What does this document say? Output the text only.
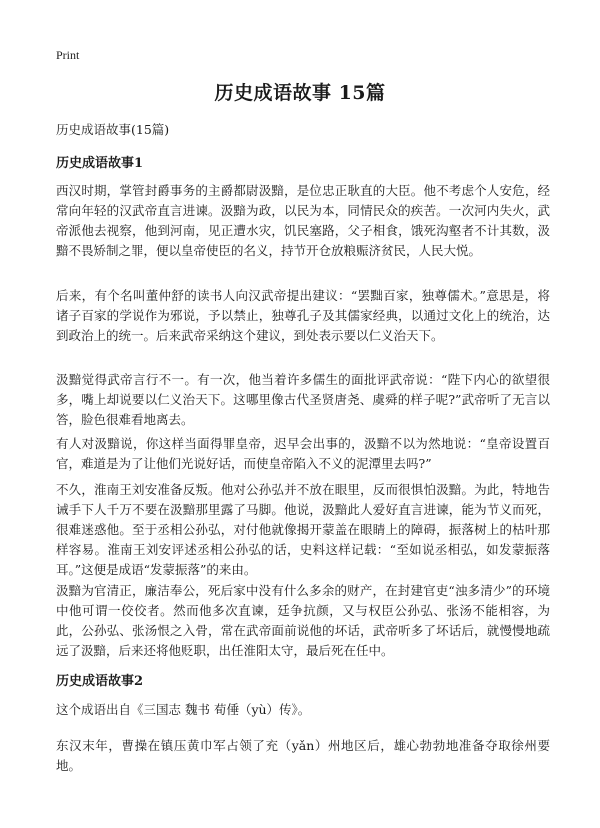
Print
历史成语故事 15篇
历史成语故事(15篇)
历史成语故事1

西汉时期，掌管封爵事务的主爵都尉汲黯，是位忠正耿直的大臣。他不考虑个人安危，经常向年轻的汉武帝直言进谏。汲黯为政，以民为本，同情民众的疾苦。一次河内失火，武帝派他去视察，他到河南，见正遭水灾，饥民塞路，父子相食，饿死沟壑者不计其数，汲黯不畏矫制之罪，便以皇帝使臣的名义，持节开仓放粮赈济贫民，人民大悦。

后来，有个名叫董仲舒的读书人向汉武帝提出建议：“罢黜百家，独尊儒术。”意思是，将诸子百家的学说作为邪说，予以禁止，独尊孔子及其儒家经典，以通过文化上的统治，达到政治上的统一。后来武帝采纳这个建议，到处表示要以仁义治天下。

汲黯觉得武帝言行不一。有一次，他当着许多儒生的面批评武帝说：“陛下内心的欲望很多，嘴上却说要以仁义治天下。这哪里像古代圣贤唐尧、虞舜的样子呢?”武帝听了无言以答，脸色很难看地离去。

有人对汲黯说，你这样当面得罪皇帝，迟早会出事的，汲黯不以为然地说：“皇帝设置百官，难道是为了让他们光说好话，而使皇帝陷入不义的泥潭里去吗?”

不久，淮南王刘安准备反叛。他对公孙弘并不放在眼里，反而很惧怕汲黯。为此，特地告诫手下人千万不要在汲黯那里露了马脚。他说，汲黯此人爱好直言进谏，能为节义而死，很难迷惑他。至于丞相公孙弘，对付他就像揭开蒙盖在眼睛上的障碍，振落树上的枯叶那样容易。淮南王刘安评述丞相公孙弘的话，史料这样记载：“至如说丞相弘，如发蒙振落耳。”这便是成语“发蒙振落”的来由。

汲黯为官清正，廉洁奉公，死后家中没有什么多余的财产，在封建官吏“浊多清少”的环境中他可谓一佼佼者。然而他多次直谏，廷争抗颜，又与权臣公孙弘、张汤不能相容，为此，公孙弘、张汤恨之入骨，常在武帝面前说他的坏话，武帝听多了坏话后，就慢慢地疏远了汲黯，后来还将他贬职，出任淮阳太守，最后死在任中。

历史成语故事2

这个成语出自《三国志 魏书 荀倕（yù）传》。

东汉末年，曹操在镇压黄巾军占领了充（yǎn）州地区后，雄心勃勃地准备夺取徐州要地。
